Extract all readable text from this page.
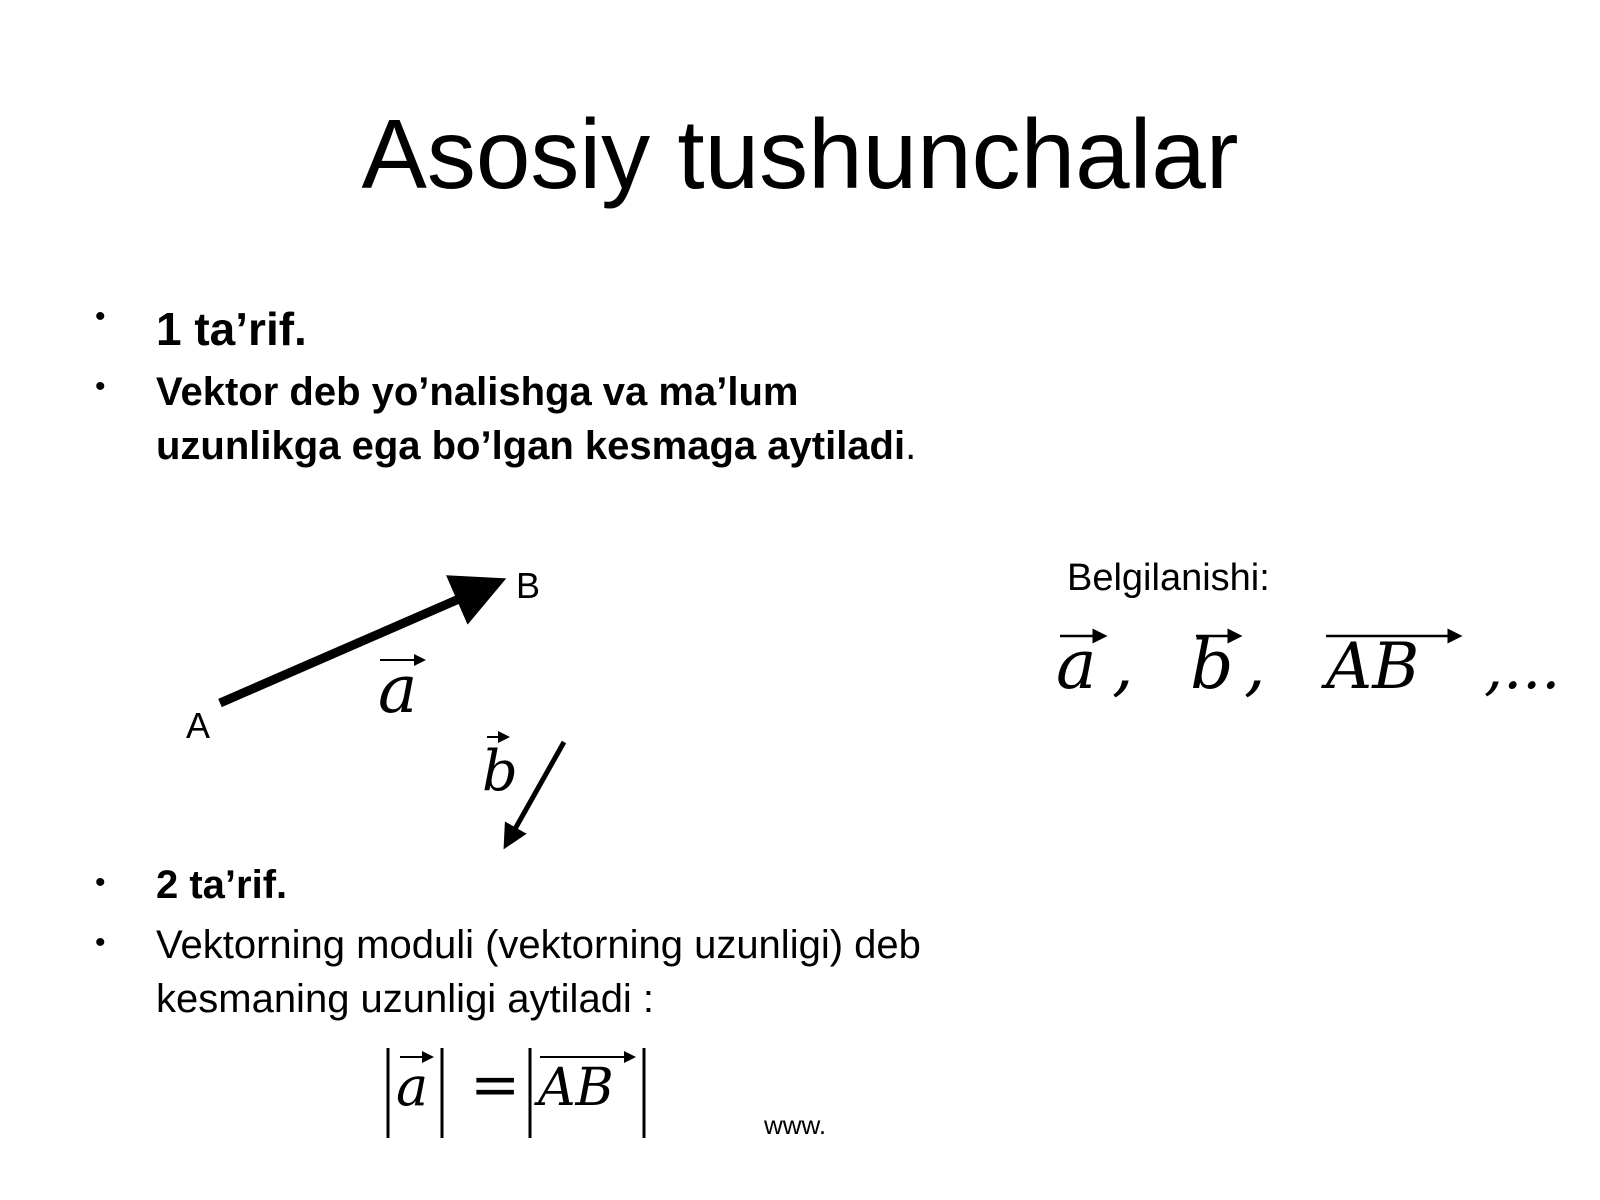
Asosiy tushunchalar
• 1 ta’rif.
• Vektor deb yo’nalishga va ma’lum
uzunlikga ega bo’lgan kesmaga aytiladi.
A
B
a
b
a , b , AB ,...
a = AB
Belgilanishi:
• 2 ta’rif.
• Vektorning moduli (vektorning uzunligi) deb
kesmaning uzunligi aytiladi :
www.
